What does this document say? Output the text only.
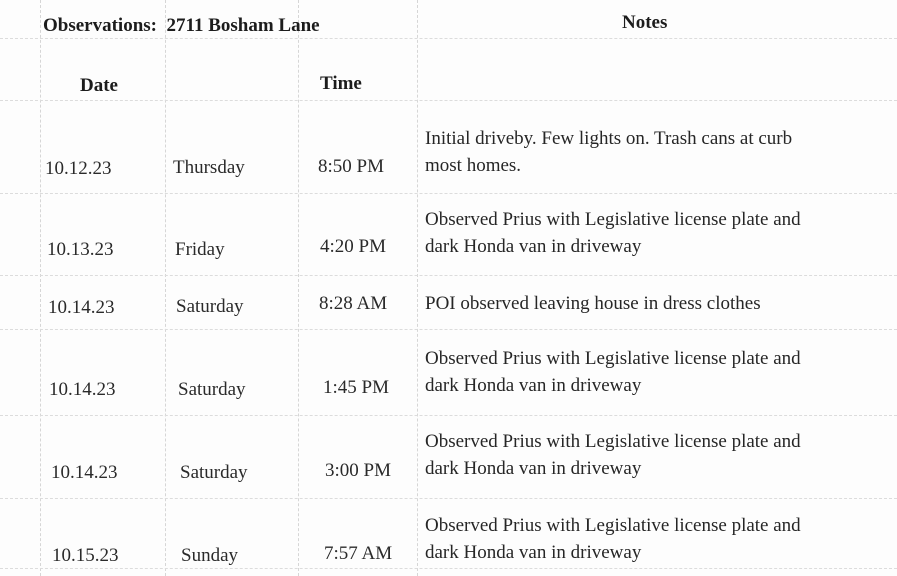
Observations: 2711 Bosham Lane	Notes
Date	Time
10.12.23	Thursday	8:50 PM
Initial driveby. Few lights on. Trash cans at curb
most homes.
10.13.23	Friday	4:20 PM
Observed Prius with Legislative license plate and
dark Honda van in driveway
10.14.23	Saturday	8:28 AM POI observed leaving house in dress clothes
10.14.23	Saturday	1:45 PM
Observed Prius with Legislative license plate and
dark Honda van in driveway
10.14.23	Saturday	3:00 PM
Observed Prius with Legislative license plate and
dark Honda van in driveway
10.15.23	Sunday	7:57 AM
Observed Prius with Legislative license plate and
dark Honda van in driveway
